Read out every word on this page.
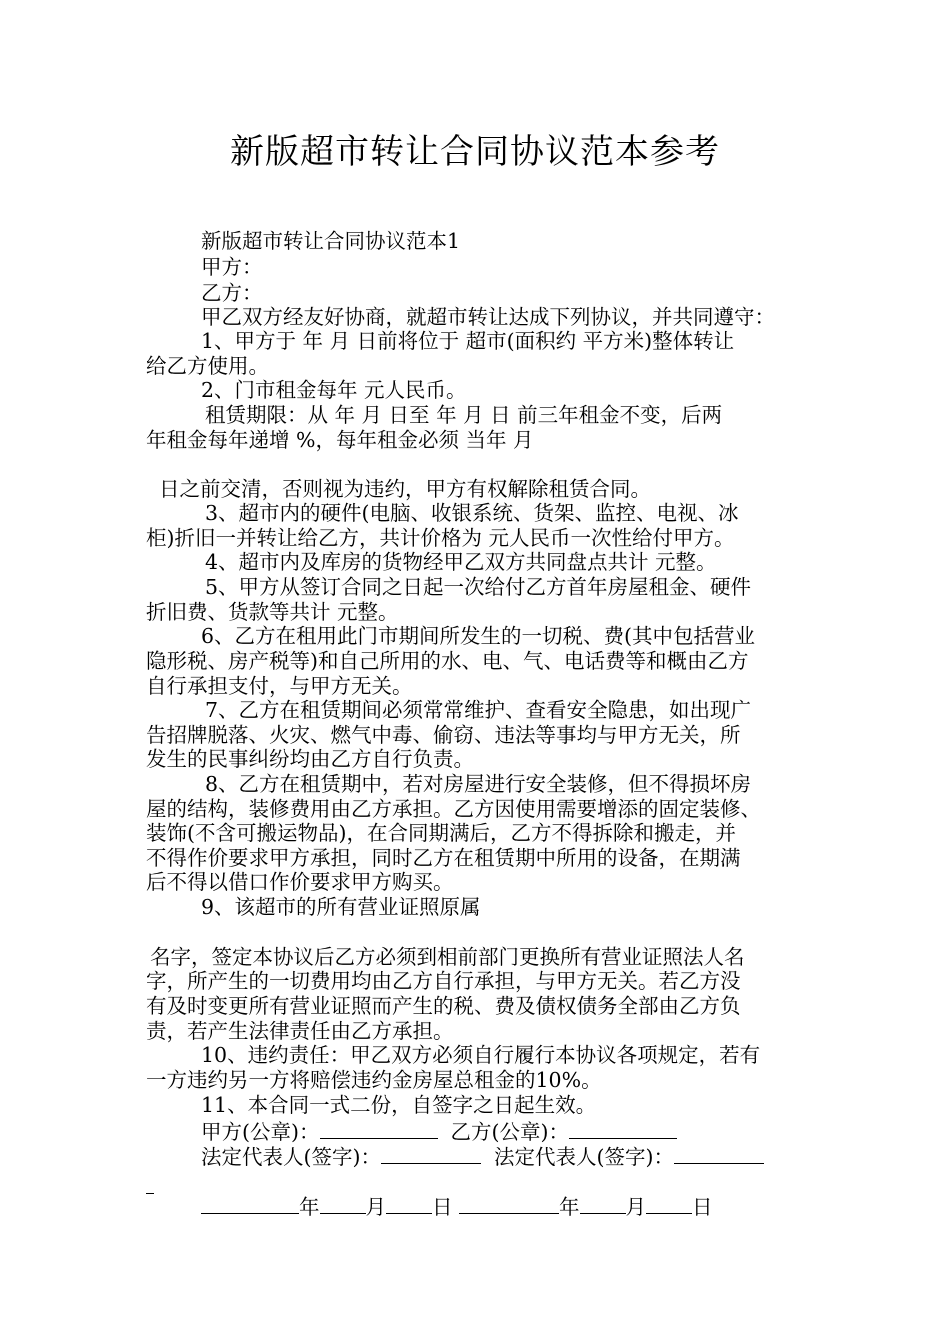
新版超市转让合同协议范本参考
新版超市转让合同协议范本1
甲方：
乙方：
甲乙双方经友好协商，就超市转让达成下列协议，并共同遵守：
1、甲方于 年 月 日前将位于 超市(面积约 平方米)整体转让
给乙方使用。
2、门市租金每年 元人民币。
租赁期限：从 年 月 日至 年 月 日 前三年租金不变，后两
年租金每年递增 %，每年租金必须 当年 月
日之前交清，否则视为违约，甲方有权解除租赁合同。
3、超市内的硬件(电脑、收银系统、货架、监控、电视、冰
柜)折旧一并转让给乙方，共计价格为 元人民币一次性给付甲方。
4、超市内及库房的货物经甲乙双方共同盘点共计 元整。
5、甲方从签订合同之日起一次给付乙方首年房屋租金、硬件
折旧费、货款等共计 元整。
6、乙方在租用此门市期间所发生的一切税、费(其中包括营业
隐形税、房产税等)和自己所用的水、电、气、电话费等和概由乙方
自行承担支付，与甲方无关。
7、乙方在租赁期间必须常常维护、查看安全隐患，如出现广
告招牌脱落、火灾、燃气中毒、偷窃、违法等事均与甲方无关，所
发生的民事纠纷均由乙方自行负责。
8、乙方在租赁期中，若对房屋进行安全装修，但不得损坏房
屋的结构，装修费用由乙方承担。乙方因使用需要增添的固定装修、
装饰(不含可搬运物品)，在合同期满后，乙方不得拆除和搬走，并
不得作价要求甲方承担，同时乙方在租赁期中所用的设备，在期满
后不得以借口作价要求甲方购买。
9、该超市的所有营业证照原属
名字，签定本协议后乙方必须到相前部门更换所有营业证照法人名
字，所产生的一切费用均由乙方自行承担，与甲方无关。若乙方没
有及时变更所有营业证照而产生的税、费及债权债务全部由乙方负
责，若产生法律责任由乙方承担。
10、违约责任：甲乙双方必须自行履行本协议各项规定，若有
一方违约另一方将赔偿违约金房屋总租金的10%。
11、本合同一式二份，自签字之日起生效。
甲方(公章)：	乙方(公章)：
法定代表人(签字)：	法定代表人(签字)：
年 月 日	年 月 日
